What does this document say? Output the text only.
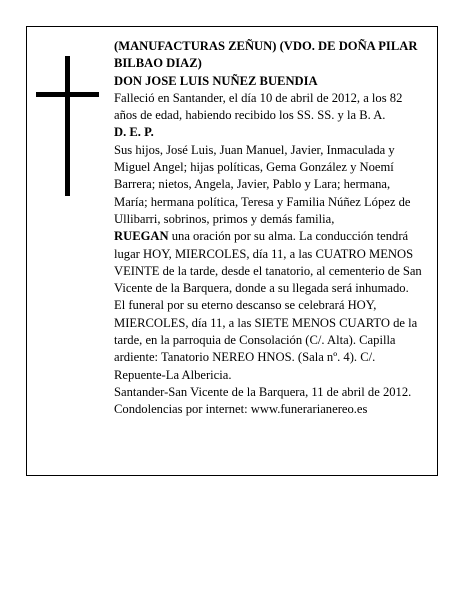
(MANUFACTURAS ZEÑUN) (VDO. DE DOÑA PILAR BILBAO DIAZ)

DON JOSE LUIS NUÑEZ BUENDIA

Falleció en Santander, el día 10 de abril de 2012, a los 82 años de edad, habiendo recibido los SS. SS. y la B. A.

D. E. P.

Sus hijos, José Luis, Juan Manuel, Javier, Inmaculada y Miguel Angel; hijas políticas, Gema González y Noemí Barrera; nietos, Angela, Javier, Pablo y Lara; hermana, María; hermana política, Teresa y Familia Núñez López de Ullibarri, sobrinos, primos y demás familia,

RUEGAN una oración por su alma. La conducción tendrá lugar HOY, MIERCOLES, día 11, a las CUATRO MENOS VEINTE de la tarde, desde el tanatorio, al cementerio de San Vicente de la Barquera, donde a su llegada será inhumado. El funeral por su eterno descanso se celebrará HOY, MIERCOLES, día 11, a las SIETE MENOS CUARTO de la tarde, en la parroquia de Consolación (C/. Alta). Capilla ardiente: Tanatorio NEREO HNOS. (Sala nº. 4). C/. Repuente-La Albericia.

Santander-San Vicente de la Barquera, 11 de abril de 2012.

Condolencias por internet: www.funerarianereo.es
